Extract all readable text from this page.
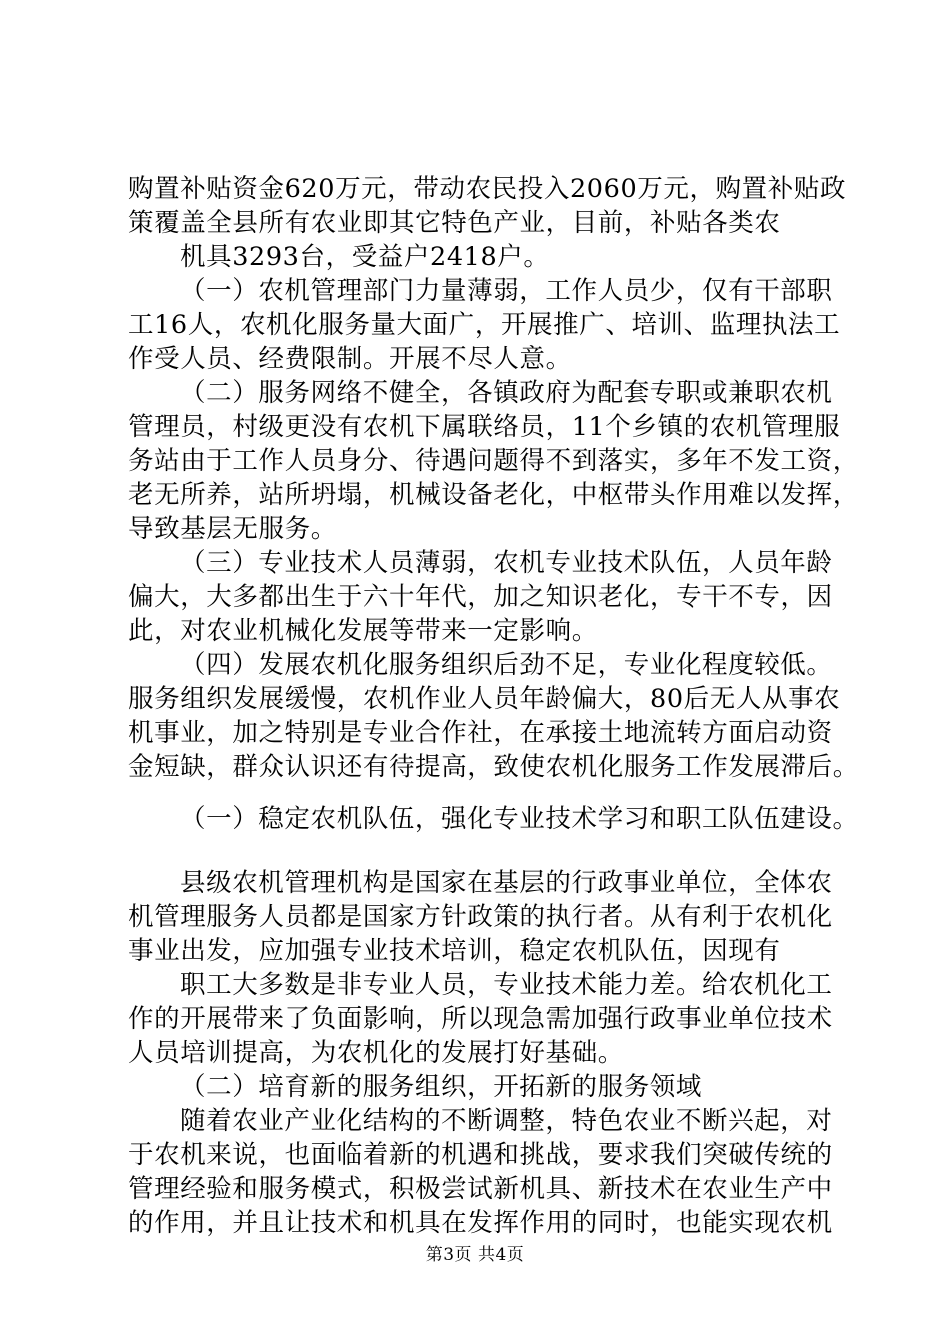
购置补贴资金620万元，带动农民投入2060万元，购置补贴政
策覆盖全县所有农业即其它特色产业，目前，补贴各类农
机具3293台，受益户2418户。
（一）农机管理部门力量薄弱，工作人员少，仅有干部职
工16人，农机化服务量大面广，开展推广、培训、监理执法工
作受人员、经费限制。开展不尽人意。
（二）服务网络不健全，各镇政府为配套专职或兼职农机
管理员，村级更没有农机下属联络员，11个乡镇的农机管理服
务站由于工作人员身分、待遇问题得不到落实，多年不发工资，
老无所养，站所坍塌，机械设备老化，中枢带头作用难以发挥，
导致基层无服务。
（三）专业技术人员薄弱，农机专业技术队伍，人员年龄
偏大，大多都出生于六十年代，加之知识老化，专干不专，因
此，对农业机械化发展等带来一定影响。
（四）发展农机化服务组织后劲不足，专业化程度较低。
服务组织发展缓慢，农机作业人员年龄偏大，80后无人从事农
机事业，加之特别是专业合作社，在承接土地流转方面启动资
金短缺，群众认识还有待提高，致使农机化服务工作发展滞后。
（一）稳定农机队伍，强化专业技术学习和职工队伍建设。
县级农机管理机构是国家在基层的行政事业单位，全体农
机管理服务人员都是国家方针政策的执行者。从有利于农机化
事业出发，应加强专业技术培训，稳定农机队伍，因现有
职工大多数是非专业人员，专业技术能力差。给农机化工
作的开展带来了负面影响，所以现急需加强行政事业单位技术
人员培训提高，为农机化的发展打好基础。
（二）培育新的服务组织，开拓新的服务领域
随着农业产业化结构的不断调整，特色农业不断兴起，对
于农机来说，也面临着新的机遇和挑战，要求我们突破传统的
管理经验和服务模式，积极尝试新机具、新技术在农业生产中
的作用，并且让技术和机具在发挥作用的同时，也能实现农机
第3页 共4页
